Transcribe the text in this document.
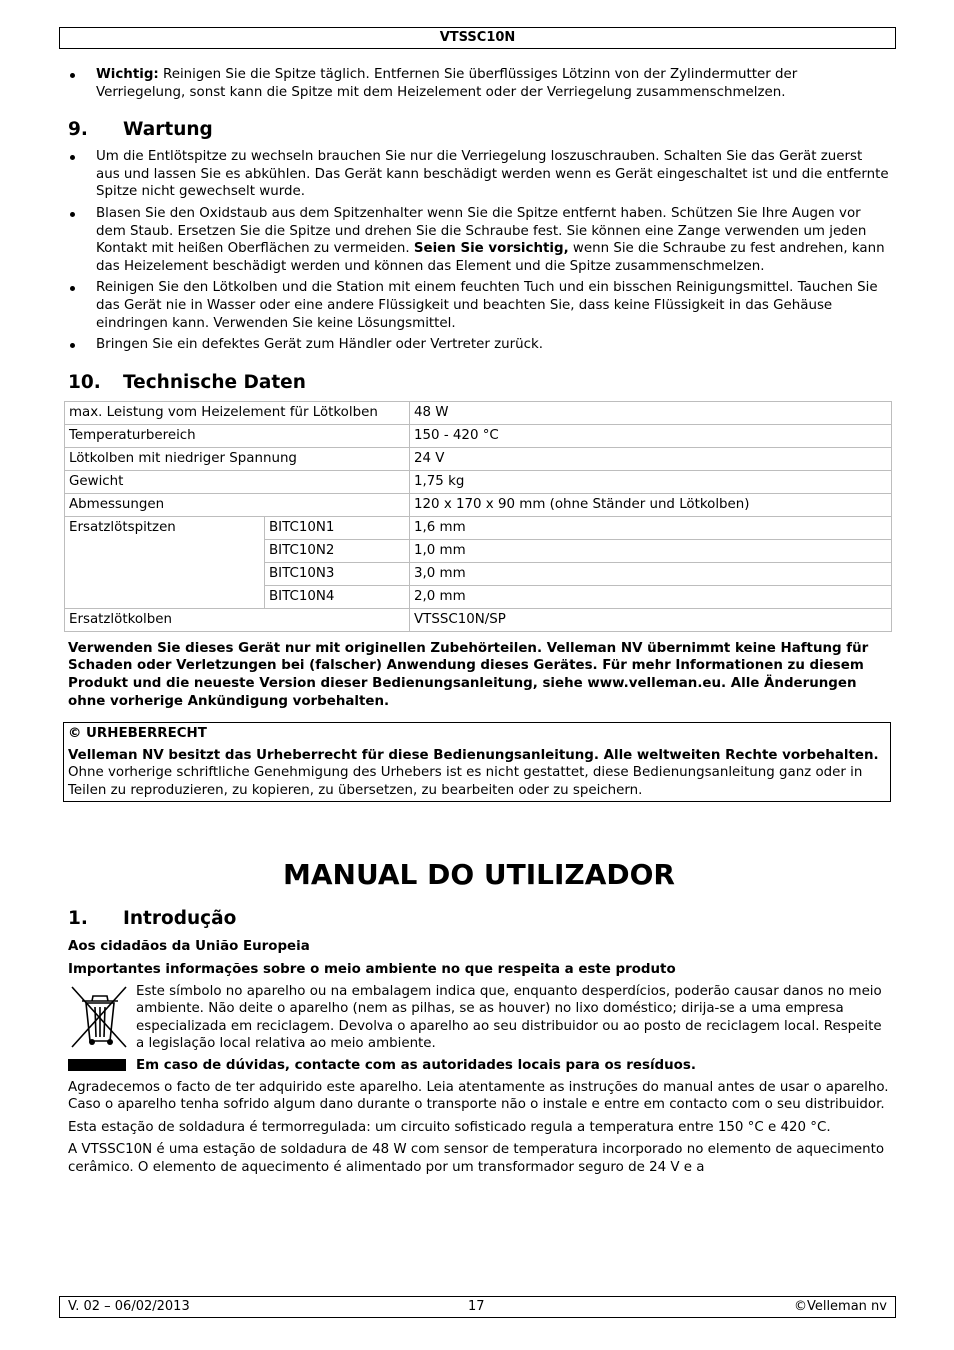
VTSSC10N
Wichtig: Reinigen Sie die Spitze täglich. Entfernen Sie überflüssiges Lötzinn von der Zylindermutter der Verriegelung, sonst kann die Spitze mit dem Heizelement oder der Verriegelung zusammenschmelzen.
9. Wartung
Um die Entlötspitze zu wechseln brauchen Sie nur die Verriegelung loszuschrauben. Schalten Sie das Gerät zuerst aus und lassen Sie es abkühlen. Das Gerät kann beschädigt werden wenn es Gerät eingeschaltet ist und die entfernte Spitze nicht gewechselt wurde.
Blasen Sie den Oxidstaub aus dem Spitzenhalter wenn Sie die Spitze entfernt haben. Schützen Sie Ihre Augen vor dem Staub. Ersetzen Sie die Spitze und drehen Sie die Schraube fest. Sie können eine Zange verwenden um jeden Kontakt mit heißen Oberflächen zu vermeiden. Seien Sie vorsichtig, wenn Sie die Schraube zu fest andrehen, kann das Heizelement beschädigt werden und können das Element und die Spitze zusammenschmelzen.
Reinigen Sie den Lötkolben und die Station mit einem feuchten Tuch und ein bisschen Reinigungsmittel. Tauchen Sie das Gerät nie in Wasser oder eine andere Flüssigkeit und beachten Sie, dass keine Flüssigkeit in das Gehäuse eindringen kann. Verwenden Sie keine Lösungsmittel.
Bringen Sie ein defektes Gerät zum Händler oder Vertreter zurück.
10. Technische Daten
max. Leistung vom Heizelement für Lötkolben		48 W
Temperaturbereich		150 - 420 °C
Lötkolben mit niedriger Spannung		24 V
Gewicht		1,75 kg
Abmessungen		120 x 170 x 90 mm (ohne Ständer und Lötkolben)
Ersatzlötspitzen	BITC10N1	1,6 mm
	BITC10N2	1,0 mm
	BITC10N3	3,0 mm
	BITC10N4	2,0 mm
Ersatzlötkolben		VTSSC10N/SP

Verwenden Sie dieses Gerät nur mit originellen Zubehörteilen. Velleman NV übernimmt keine Haftung für Schaden oder Verletzungen bei (falscher) Anwendung dieses Gerätes. Für mehr Informationen zu diesem Produkt und die neueste Version dieser Bedienungsanleitung, siehe www.velleman.eu. Alle Änderungen ohne vorherige Ankündigung vorbehalten.

© URHEBERRECHT

Velleman NV besitzt das Urheberrecht für diese Bedienungsanleitung. Alle weltweiten Rechte vorbehalten. Ohne vorherige schriftliche Genehmigung des Urhebers ist es nicht gestattet, diese Bedienungsanleitung ganz oder in Teilen zu reproduzieren, zu kopieren, zu übersetzen, zu bearbeiten oder zu speichern.

MANUAL DO UTILIZADOR
1. Introdução

Aos cidadãos da União Europeia

Importantes informações sobre o meio ambiente no que respeita a este produto

Este símbolo no aparelho ou na embalagem indica que, enquanto desperdícios, poderão causar danos no meio ambiente. Não deite o aparelho (nem as pilhas, se as houver) no lixo doméstico; dirija-se a uma empresa especializada em reciclagem. Devolva o aparelho ao seu distribuidor ou ao posto de reciclagem local. Respeite a legislação local relativa ao meio ambiente.

Em caso de dúvidas, contacte com as autoridades locais para os resíduos.

Agradecemos o facto de ter adquirido este aparelho. Leia atentamente as instruções do manual antes de usar o aparelho. Caso o aparelho tenha sofrido algum dano durante o transporte não o instale e entre em contacto com o seu distribuidor.

Esta estação de soldadura é termorregulada: um circuito sofisticado regula a temperatura entre 150 °C e 420 °C.

A VTSSC10N é uma estação de soldadura de 48 W com sensor de temperatura incorporado no elemento de aquecimento cerâmico. O elemento de aquecimento é alimentado por um transformador seguro de 24 V e a

V. 02 – 06/02/2013	17	©Velleman nv
